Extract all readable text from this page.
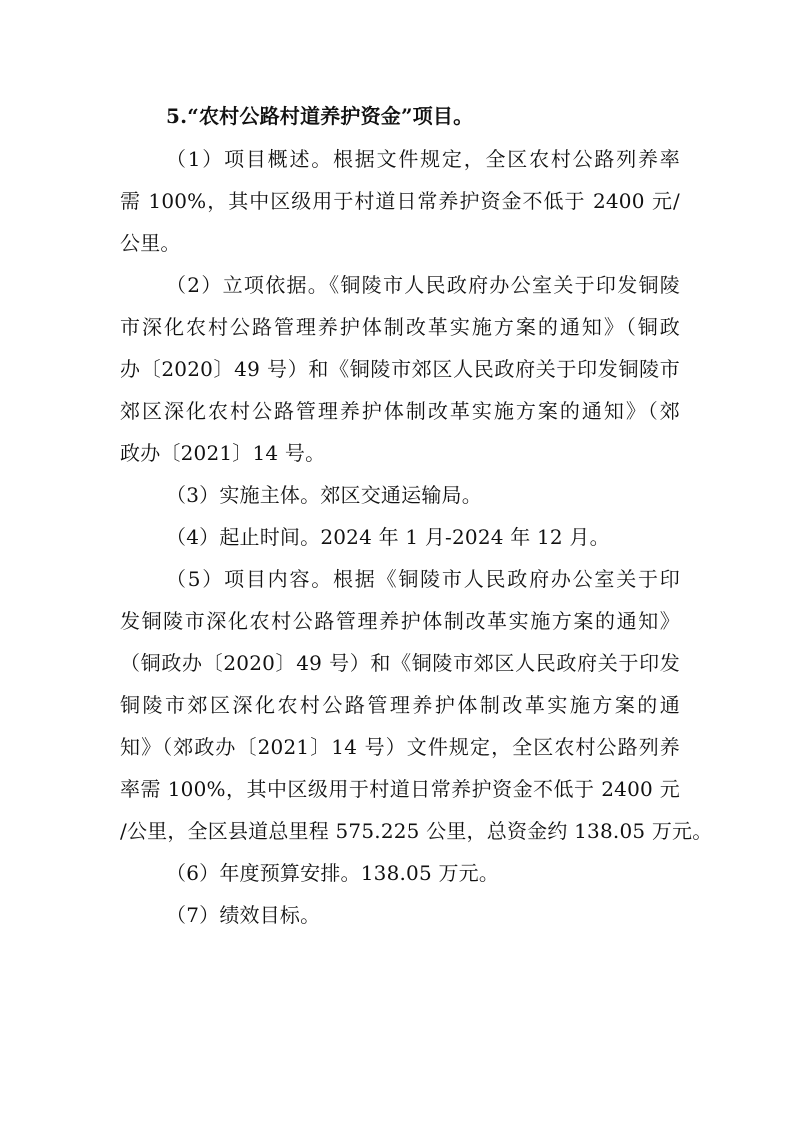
5.“农村公路村道养护资金”项目。
（1）项目概述。根据文件规定，全区农村公路列养率
需 100%，其中区级用于村道日常养护资金不低于 2400 元/
公里。
（2）立项依据。《铜陵市人民政府办公室关于印发铜陵
市深化农村公路管理养护体制改革实施方案的通知》（铜政
办〔2020〕49 号）和《铜陵市郊区人民政府关于印发铜陵市
郊区深化农村公路管理养护体制改革实施方案的通知》（郊
政办〔2021〕14 号。
（3）实施主体。郊区交通运输局。
（4）起止时间。2024 年 1 月-2024 年 12 月。
（5）项目内容。根据《铜陵市人民政府办公室关于印
发铜陵市深化农村公路管理养护体制改革实施方案的通知》
（铜政办〔2020〕49 号）和《铜陵市郊区人民政府关于印发
铜陵市郊区深化农村公路管理养护体制改革实施方案的通
知》（郊政办〔2021〕14 号）文件规定，全区农村公路列养
率需 100%，其中区级用于村道日常养护资金不低于 2400 元
/公里，全区县道总里程 575.225 公里，总资金约 138.05 万元。
（6）年度预算安排。138.05 万元。
（7）绩效目标。
